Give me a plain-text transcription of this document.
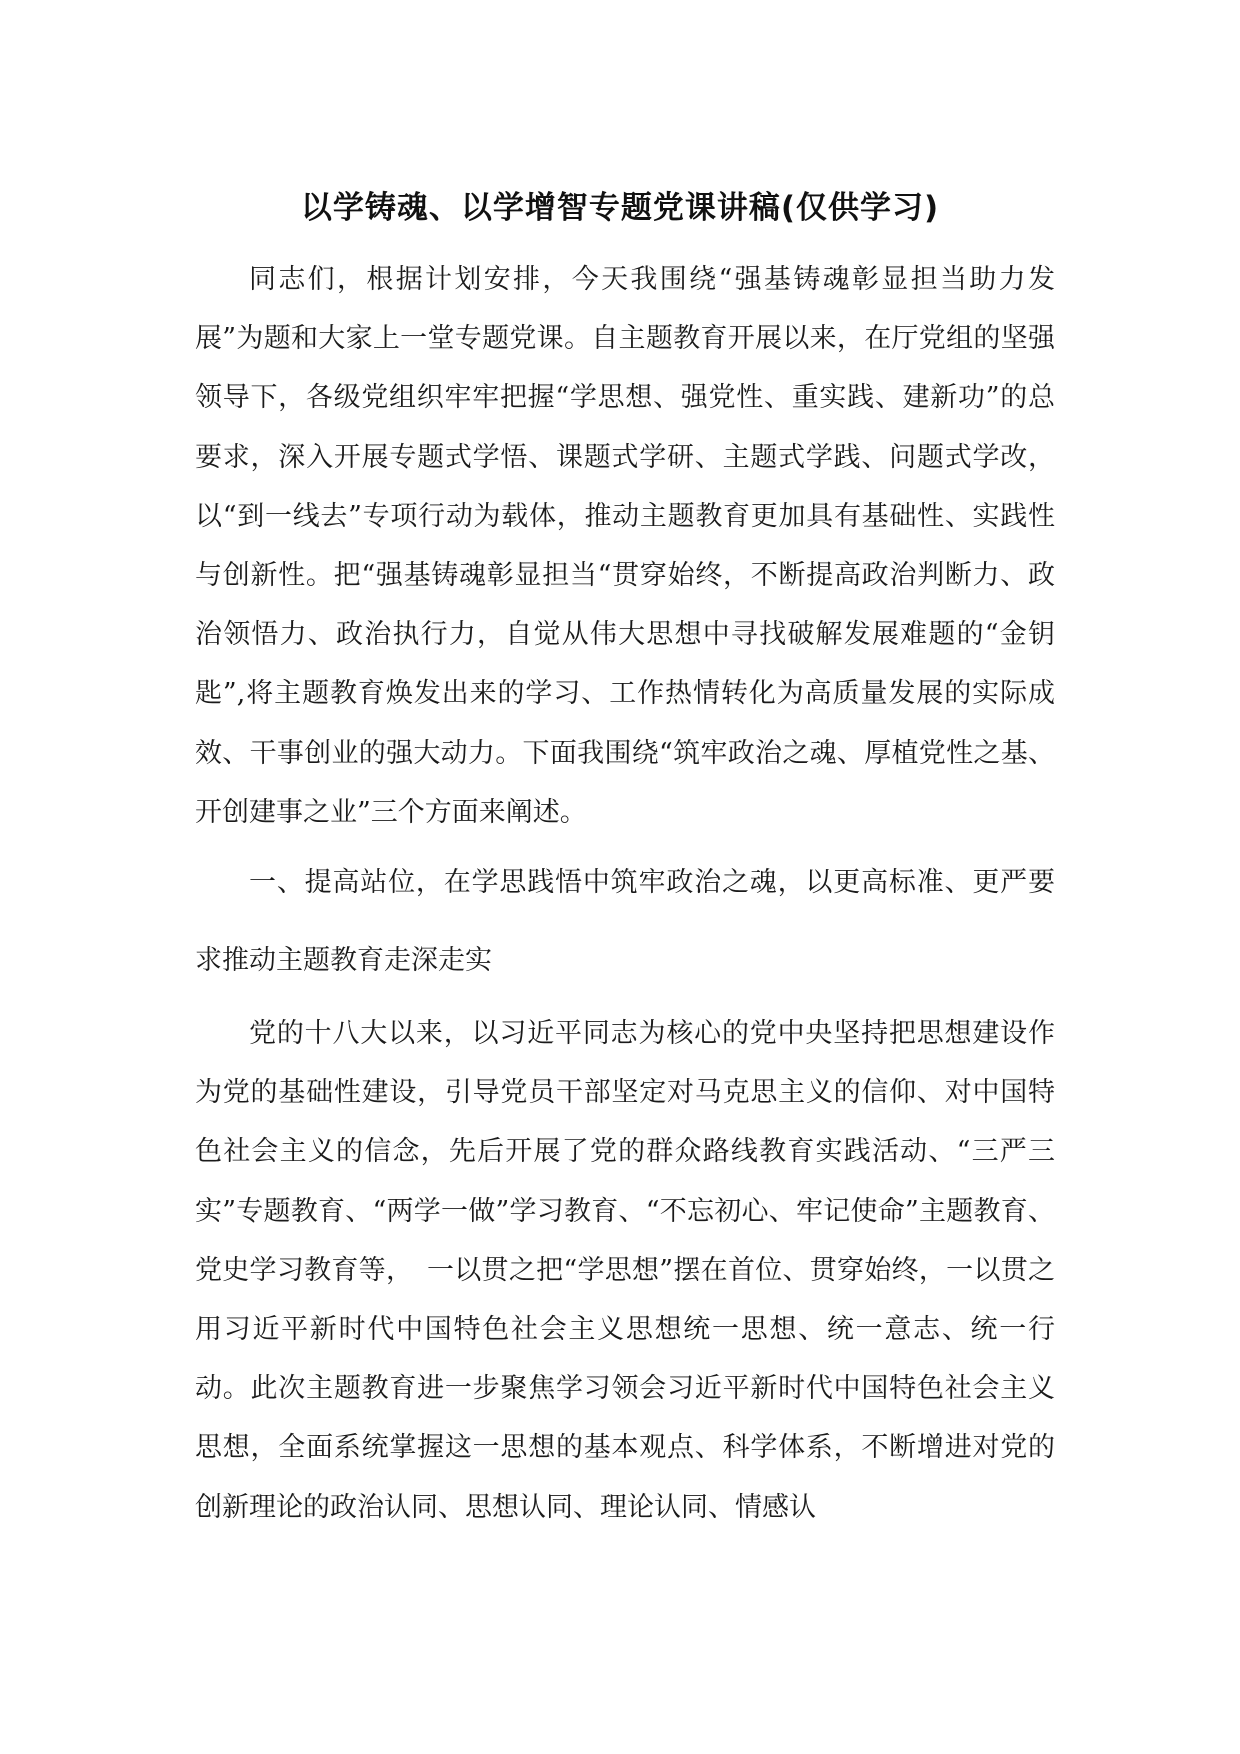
以学铸魂、以学增智专题党课讲稿(仅供学习)

同志们，根据计划安排，今天我围绕“强基铸魂彰显担当助力发展”为题和大家上一堂专题党课。自主题教育开展以来，在厅党组的坚强领导下，各级党组织牢牢把握“学思想、强党性、重实践、建新功”的总要求，深入开展专题式学悟、课题式学研、主题式学践、问题式学改，以“到一线去”专项行动为载体，推动主题教育更加具有基础性、实践性与创新性。把“强基铸魂彰显担当“贯穿始终，不断提高政治判断力、政治领悟力、政治执行力，自觉从伟大思想中寻找破解发展难题的“金钥匙”,将主题教育焕发出来的学习、工作热情转化为高质量发展的实际成效、干事创业的强大动力。下面我围绕“筑牢政治之魂、厚植党性之基、开创建事之业”三个方面来阐述。

一、提高站位，在学思践悟中筑牢政治之魂，以更高标准、更严要求推动主题教育走深走实

党的十八大以来，以习近平同志为核心的党中央坚持把思想建设作为党的基础性建设，引导党员干部坚定对马克思主义的信仰、对中国特色社会主义的信念，先后开展了党的群众路线教育实践活动、“三严三实”专题教育、“两学一做”学习教育、“不忘初心、牢记使命”主题教育、党史学习教育等，　一以贯之把“学思想”摆在首位、贯穿始终，一以贯之用习近平新时代中国特色社会主义思想统一思想、统一意志、统一行动。此次主题教育进一步聚焦学习领会习近平新时代中国特色社会主义思想，全面系统掌握这一思想的基本观点、科学体系，不断增进对党的创新理论的政治认同、思想认同、理论认同、情感认
